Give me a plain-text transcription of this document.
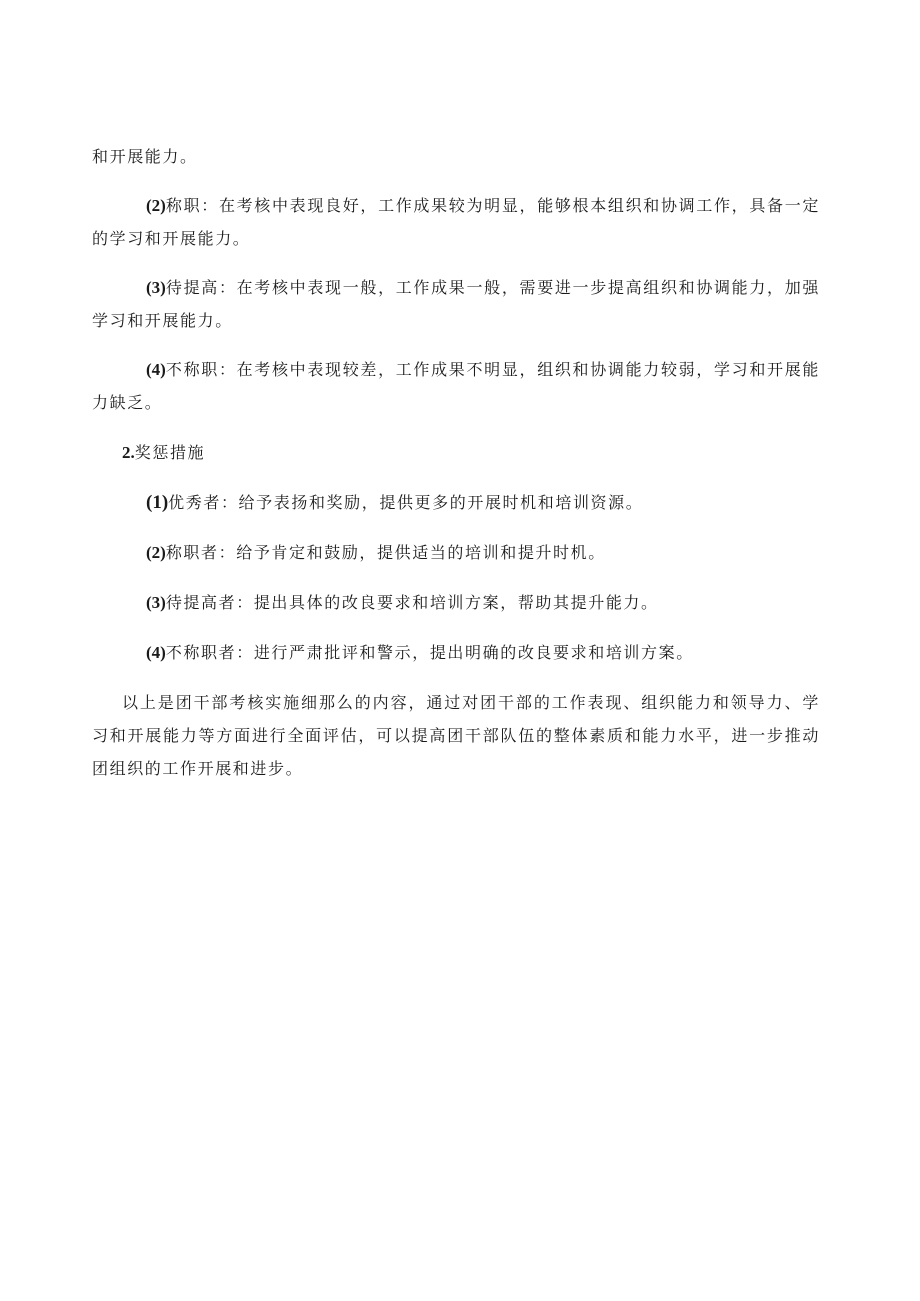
和开展能力。

(2)称职：在考核中表现良好，工作成果较为明显，能够根本组织和协调工作，具备一定的学习和开展能力。

(3)待提高：在考核中表现一般，工作成果一般，需要进一步提高组织和协调能力，加强学习和开展能力。

(4)不称职：在考核中表现较差，工作成果不明显，组织和协调能力较弱，学习和开展能力缺乏。

2.奖惩措施

(1)优秀者：给予表扬和奖励，提供更多的开展时机和培训资源。

(2)称职者：给予肯定和鼓励，提供适当的培训和提升时机。

(3)待提高者：提出具体的改良要求和培训方案，帮助其提升能力。

(4)不称职者：进行严肃批评和警示，提出明确的改良要求和培训方案。

以上是团干部考核实施细那么的内容，通过对团干部的工作表现、组织能力和领导力、学习和开展能力等方面进行全面评估，可以提高团干部队伍的整体素质和能力水平，进一步推动团组织的工作开展和进步。
